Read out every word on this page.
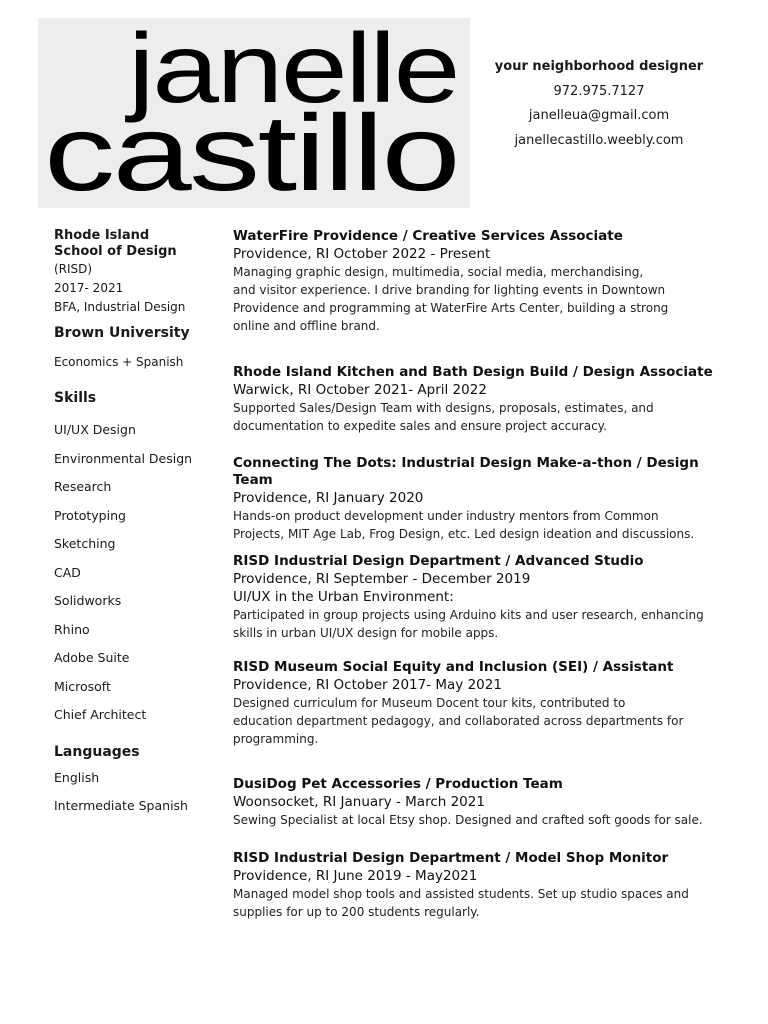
janelle
castillo
your neighborhood designer
972.975.7127
janelleua@gmail.com
janellecastillo.weebly.com
Rhode Island
School of Design
(RISD)
2017- 2021
BFA, Industrial Design
Brown University
Economics + Spanish
Skills
UI/UX Design
Environmental Design
Research
Prototyping
Sketching
CAD
Solidworks
Rhino
Adobe Suite
Microsoft
Chief Architect
Languages
English
Intermediate Spanish
WaterFire Providence / Creative Services Associate
Providence, RI October 2022 - Present
Managing graphic design, multimedia, social media, merchandising,
and visitor experience. I drive branding for lighting events in Downtown
Providence and programming at WaterFire Arts Center, building a strong
online and offline brand.
Rhode Island Kitchen and Bath Design Build / Design Associate
Warwick, RI October 2021- April 2022
Supported Sales/Design Team with designs, proposals, estimates, and
documentation to expedite sales and ensure project accuracy.
Connecting The Dots: Industrial Design Make-a-thon / Design Team
Providence, RI January 2020
Hands-on product development under industry mentors from Common
Projects, MIT Age Lab, Frog Design, etc. Led design ideation and discussions.
RISD Industrial Design Department / Advanced Studio
Providence, RI September - December 2019
UI/UX in the Urban Environment:
Participated in group projects using Arduino kits and user research, enhancing
skills in urban UI/UX design for mobile apps.
RISD Museum Social Equity and Inclusion (SEI) / Assistant
Providence, RI October 2017- May 2021
Designed curriculum for Museum Docent tour kits, contributed to
education department pedagogy, and collaborated across departments for
programming.
DusiDog Pet Accessories / Production Team
Woonsocket, RI January - March 2021
Sewing Specialist at local Etsy shop. Designed and crafted soft goods for sale.
RISD Industrial Design Department / Model Shop Monitor
Providence, RI June 2019 - May2021
Managed model shop tools and assisted students. Set up studio spaces and
supplies for up to 200 students regularly.
